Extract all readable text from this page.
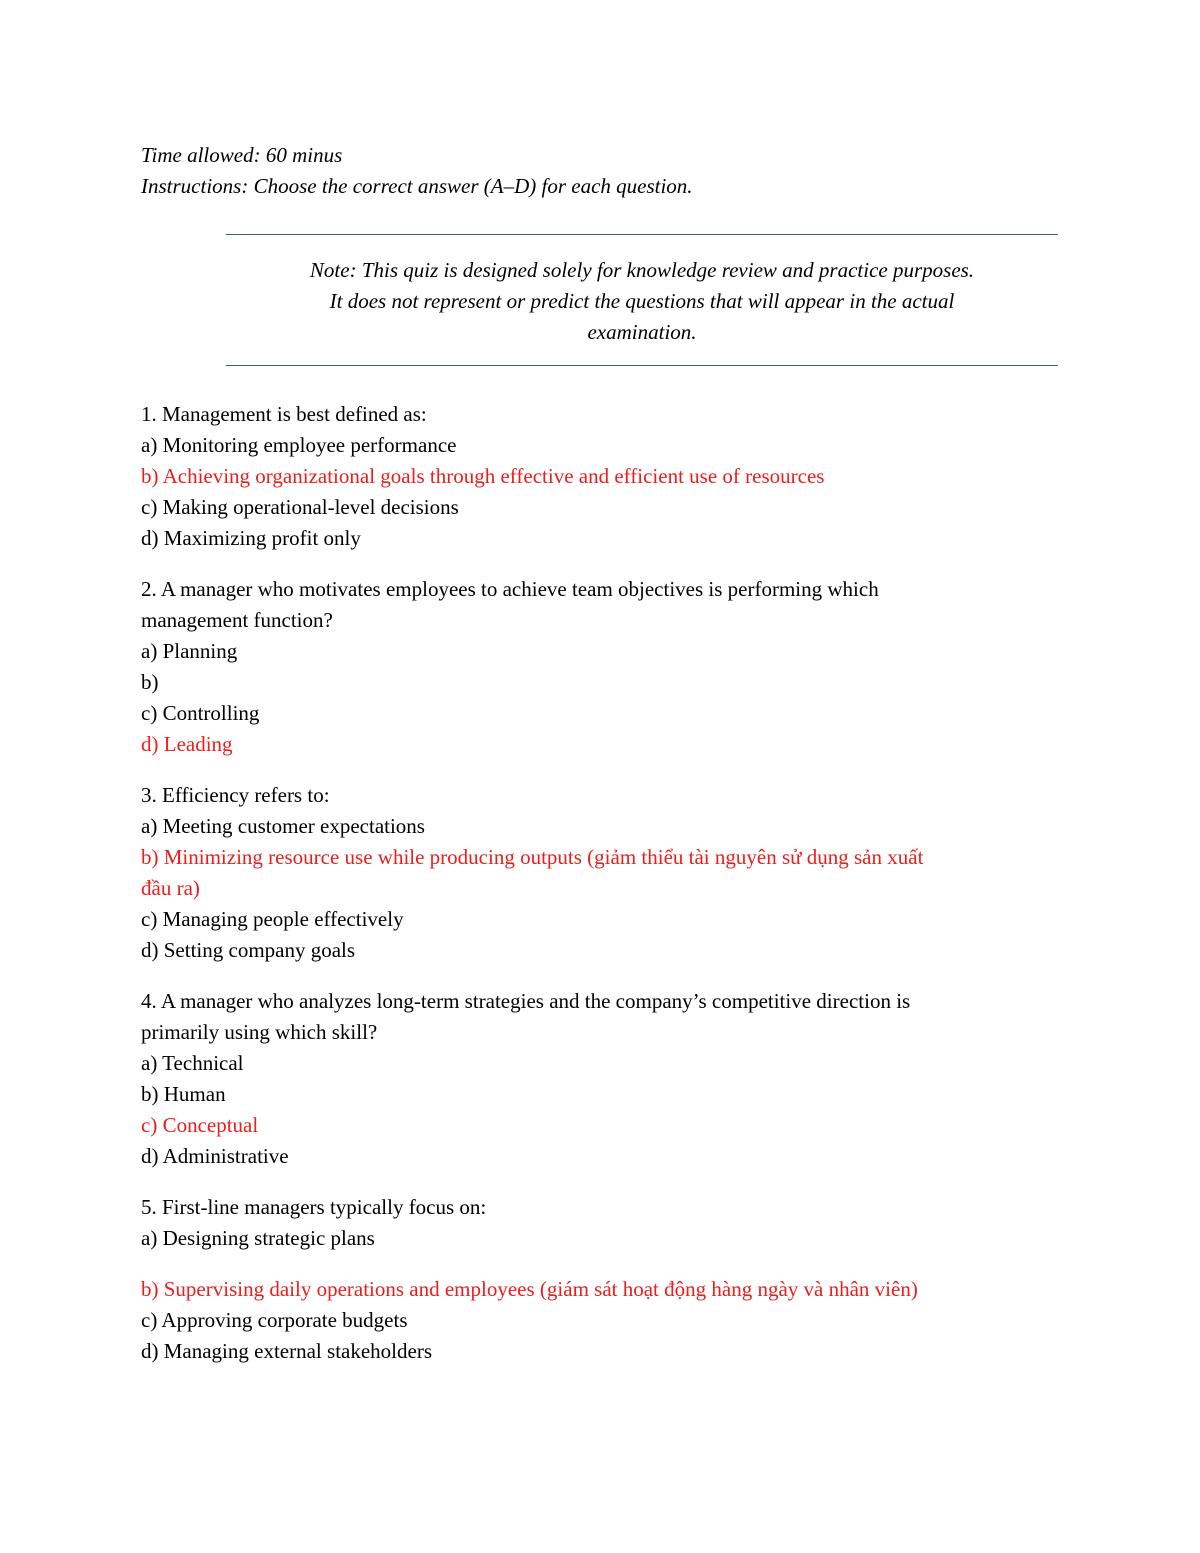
Time allowed: 60 minus
Instructions: Choose the correct answer (A–D) for each question.
Note: This quiz is designed solely for knowledge review and practice purposes.
It does not represent or predict the questions that will appear in the actual
examination.

1. Management is best defined as:

a) Monitoring employee performance

b) Achieving organizational goals through effective and efficient use of resources

c) Making operational-level decisions

d) Maximizing profit only

2. A manager who motivates employees to achieve team objectives is performing which

management function?

a) Planning

b)

c) Controlling

d) Leading

3. Efficiency refers to:

a) Meeting customer expectations

b) Minimizing resource use while producing outputs (giảm thiểu tài nguyên sử dụng sản xuất

đầu ra)

c) Managing people effectively

d) Setting company goals

4. A manager who analyzes long-term strategies and the company’s competitive direction is

primarily using which skill?

a) Technical

b) Human

c) Conceptual

d) Administrative

5. First-line managers typically focus on:

a) Designing strategic plans

b) Supervising daily operations and employees (giám sát hoạt động hàng ngày và nhân viên)

c) Approving corporate budgets

d) Managing external stakeholders
